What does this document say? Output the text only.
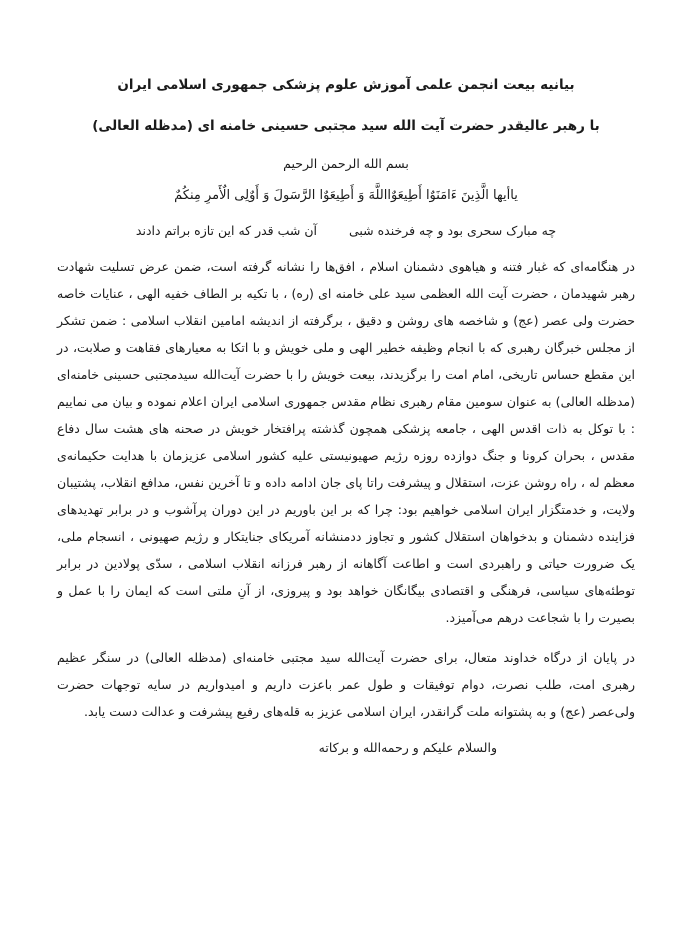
بیانیه بیعت انجمن علمی آموزش علوم پزشکی جمهوری اسلامی ایران
با رهبر عالیقدر حضرت آیت الله سید مجتبی حسینی خامنه ای (مدظله العالی)

بسم الله الرحمن الرحیم

یاأیها الَّذِینَ ءَامَنَوٌا أَطِیعَوٌااللَّهَ وَ أَطِیعَوٌا الرَّسَولَ وَ أَوٌلِی الٌأَمرِ مِنکُمٌ

چه مبارک سحری بود و چه فرخنده شبی  آن شب قدر که این تازه براتم دادند

در هنگامه‌ای که غبار فتنه و هیاهوی دشمنان اسلام ، افق‌ها را نشانه گرفته است، ضمن عرض تسلیت شهادت رهبر شهیدمان ، حضرت آیت الله العظمی سید علی خامنه ای (ره) ، با تکیه بر الطاف خفیه الهی ، عنایات خاصه حضرت ولی عصر (عج) و شاخصه های روشن و دقیق ، برگرفته از اندیشه امامین انقلاب اسلامی : ضمن تشکر از مجلس خبرگان رهبری که با انجام وظیفه خطیر الهی و ملی خویش و با اتکا به معیارهای فقاهت و صلابت، در این مقطع حساس تاریخی، امام امت را برگزیدند، بیعت خویش را با حضرت آیت‌الله سیدمجتبی حسینی خامنه‌ای (مدظله العالی) به عنوان سومین مقام رهبری نظام مقدس جمهوری اسلامی ایران اعلام نموده و بیان می نماییم : با توکل به ذات اقدس الهی ، جامعه پزشکی همچون گذشته پرافتخار خویش در صحنه های هشت سال دفاع مقدس ، بحران کرونا و جنگ دوازده روزه رژیم صهیونیستی علیه کشور اسلامی عزیزمان با هدایت حکیمانه‌ی معظم له ، راه روشن عزت، استقلال و پیشرفت راتا پای جان ادامه داده و تا آخرین نفس، مدافع انقلاب، پشتیبان ولایت، و خدمتگزار ایران اسلامی خواهیم بود: چرا که بر این باوریم در این دوران پرآشوب و در برابر تهدیدهای فزاینده دشمنان و بدخواهان استقلال کشور و تجاوز ددمنشانه آمریکای جنایتکار و رژیم صهیونی ، انسجام ملی، یک ضرورت حیاتی و راهبردی است و اطاعت آگاهانه از رهبر فرزانه انقلاب اسلامی ، سدّی پولادین در برابر توطئه‌های سیاسی، فرهنگی و اقتصادی بیگانگان خواهد بود و پیروزی، از آنِ ملتی است که ایمان را با عمل و بصیرت را با شجاعت درهم می‌آمیزد.

در پایان از درگاه خداوند متعال، برای حضرت آیت‌الله سید مجتبی خامنه‌ای (مدظله العالی) در سنگر عظیم رهبری امت، طلب نصرت، دوام توفیقات و طول عمر باعزت داریم و امیدواریم در سایه توجهات حضرت ولی‌عصر (عج) و به پشتوانه ملت گرانقدر، ایران اسلامی عزیز به قله‌های رفیع پیشرفت و عدالت دست یابد.

والسلام علیکم و رحمه‌الله و برکاته
